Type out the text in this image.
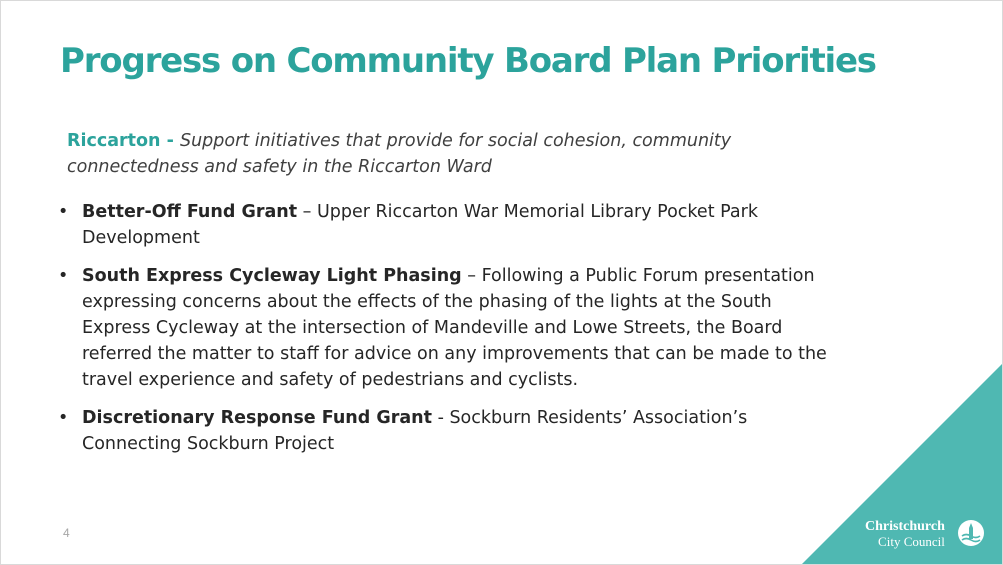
Progress on Community Board Plan Priorities
Riccarton - Support initiatives that provide for social cohesion, community connectedness and safety in the Riccarton Ward
• Better-Off Fund Grant – Upper Riccarton War Memorial Library Pocket Park Development
• South Express Cycleway Light Phasing – Following a Public Forum presentation expressing concerns about the effects of the phasing of the lights at the South Express Cycleway at the intersection of Mandeville and Lowe Streets, the Board referred the matter to staff for advice on any improvements that can be made to the travel experience and safety of pedestrians and cyclists.
• Discretionary Response Fund Grant - Sockburn Residents’ Association’s Connecting Sockburn Project
4	Christchurch
City Council
